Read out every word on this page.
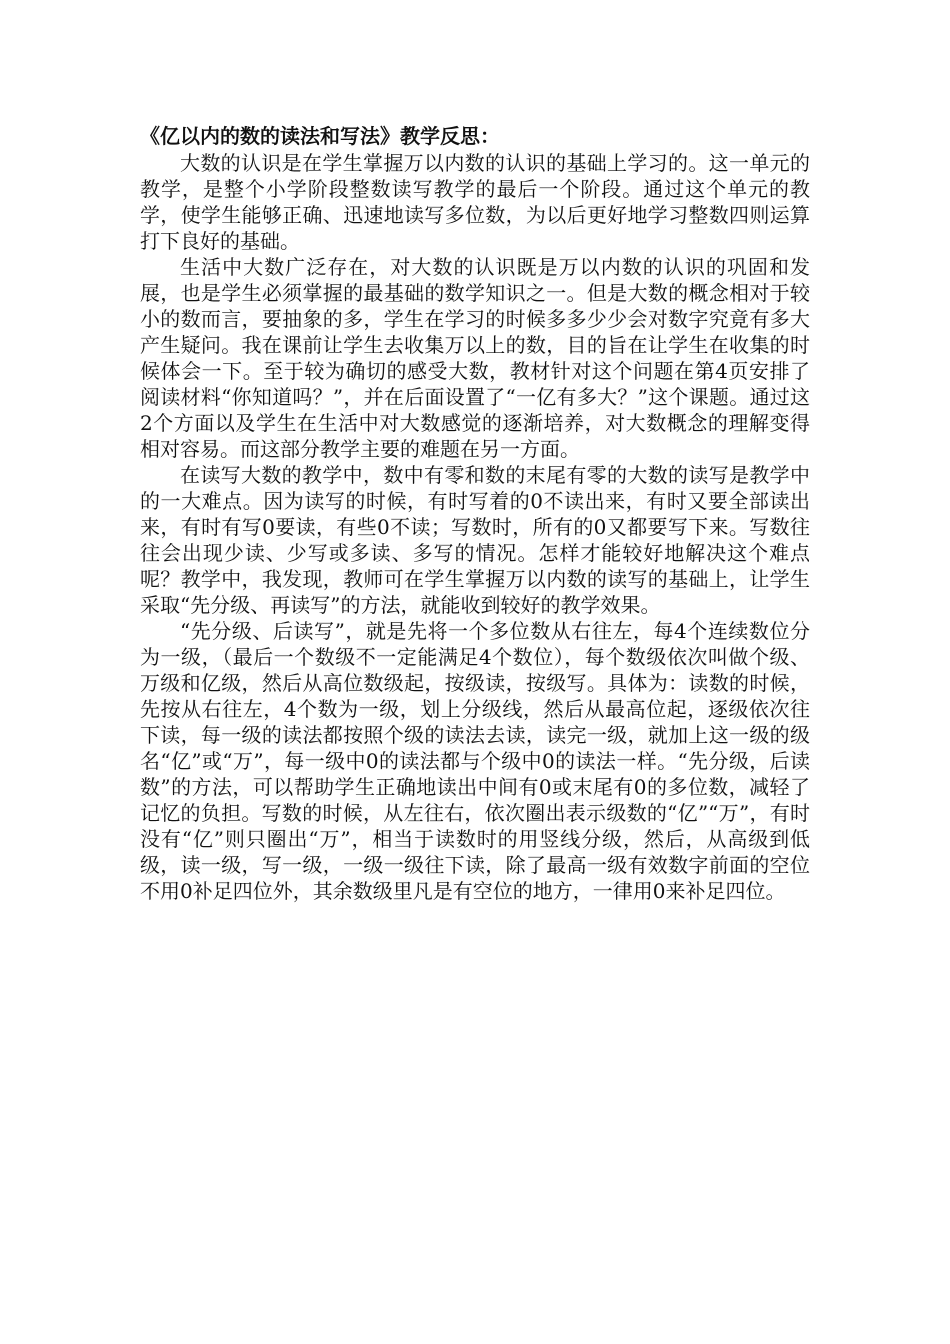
《亿以内的数的读法和写法》教学反思：

大数的认识是在学生掌握万以内数的认识的基础上学习的。这一单元的教学，是整个小学阶段整数读写教学的最后一个阶段。通过这个单元的教学，使学生能够正确、迅速地读写多位数，为以后更好地学习整数四则运算打下良好的基础。

生活中大数广泛存在，对大数的认识既是万以内数的认识的巩固和发展，也是学生必须掌握的最基础的数学知识之一。但是大数的概念相对于较小的数而言，要抽象的多，学生在学习的时候多多少少会对数字究竟有多大产生疑问。我在课前让学生去收集万以上的数，目的旨在让学生在收集的时候体会一下。至于较为确切的感受大数，教材针对这个问题在第4页安排了阅读材料“你知道吗？”，并在后面设置了“一亿有多大？”这个课题。通过这2个方面以及学生在生活中对大数感觉的逐渐培养，对大数概念的理解变得相对容易。而这部分教学主要的难题在另一方面。

在读写大数的教学中，数中有零和数的末尾有零的大数的读写是教学中的一大难点。因为读写的时候，有时写着的0不读出来，有时又要全部读出来，有时有写0要读，有些0不读；写数时，所有的0又都要写下来。写数往往会出现少读、少写或多读、多写的情况。怎样才能较好地解决这个难点呢？教学中，我发现，教师可在学生掌握万以内数的读写的基础上，让学生采取“先分级、再读写”的方法，就能收到较好的教学效果。

“先分级、后读写”，就是先将一个多位数从右往左，每4个连续数位分为一级，（最后一个数级不一定能满足4个数位），每个数级依次叫做个级、万级和亿级，然后从高位数级起，按级读，按级写。具体为：读数的时候，先按从右往左，4个数为一级，划上分级线，然后从最高位起，逐级依次往下读，每一级的读法都按照个级的读法去读，读完一级，就加上这一级的级名“亿”或“万”，每一级中0的读法都与个级中0的读法一样。“先分级，后读数”的方法，可以帮助学生正确地读出中间有0或末尾有0的多位数，减轻了记忆的负担。写数的时候，从左往右，依次圈出表示级数的“亿”“万”，有时没有“亿”则只圈出“万”，相当于读数时的用竖线分级，然后，从高级到低级，读一级，写一级，一级一级往下读，除了最高一级有效数字前面的空位不用0补足四位外，其余数级里凡是有空位的地方，一律用0来补足四位。
